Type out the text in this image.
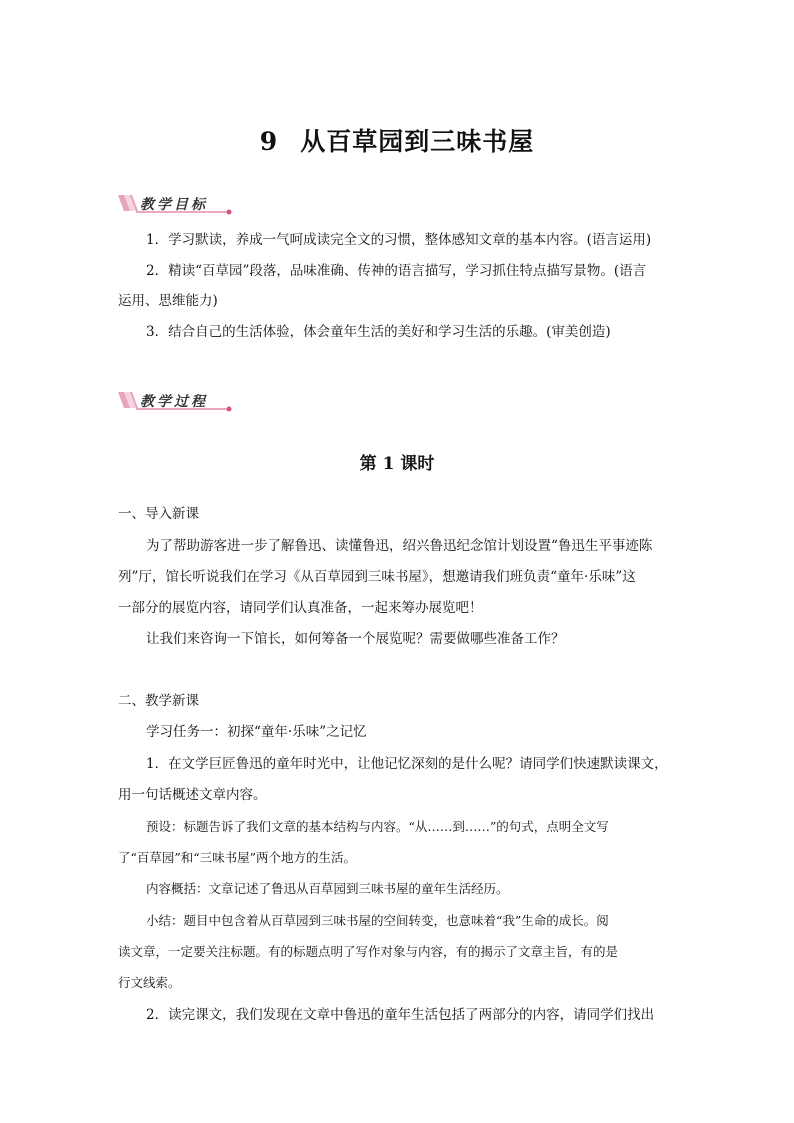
9 从百草园到三味书屋
教学目标
1．学习默读，养成一气呵成读完全文的习惯，整体感知文章的基本内容。(语言运用)
2．精读“百草园”段落，品味准确、传神的语言描写，学习抓住特点描写景物。(语言
运用、思维能力)
3．结合自己的生活体验，体会童年生活的美好和学习生活的乐趣。(审美创造)
教学过程
第 1 课时
一、导入新课
为了帮助游客进一步了解鲁迅、读懂鲁迅，绍兴鲁迅纪念馆计划设置“鲁迅生平事迹陈
列”厅，馆长听说我们在学习《从百草园到三味书屋》，想邀请我们班负责“童年·乐味”这
一部分的展览内容，请同学们认真准备，一起来筹办展览吧！
让我们来咨询一下馆长，如何筹备一个展览呢？需要做哪些准备工作？
二、教学新课
学习任务一：初探“童年·乐味”之记忆
1．在文学巨匠鲁迅的童年时光中，让他记忆深刻的是什么呢？请同学们快速默读课文，
用一句话概述文章内容。
预设：标题告诉了我们文章的基本结构与内容。“从……到……”的句式，点明全文写
了“百草园”和“三味书屋”两个地方的生活。
内容概括：文章记述了鲁迅从百草园到三味书屋的童年生活经历。
小结：题目中包含着从百草园到三味书屋的空间转变，也意味着“我”生命的成长。阅
读文章，一定要关注标题。有的标题点明了写作对象与内容，有的揭示了文章主旨，有的是
行文线索。
2．读完课文，我们发现在文章中鲁迅的童年生活包括了两部分的内容，请同学们找出
